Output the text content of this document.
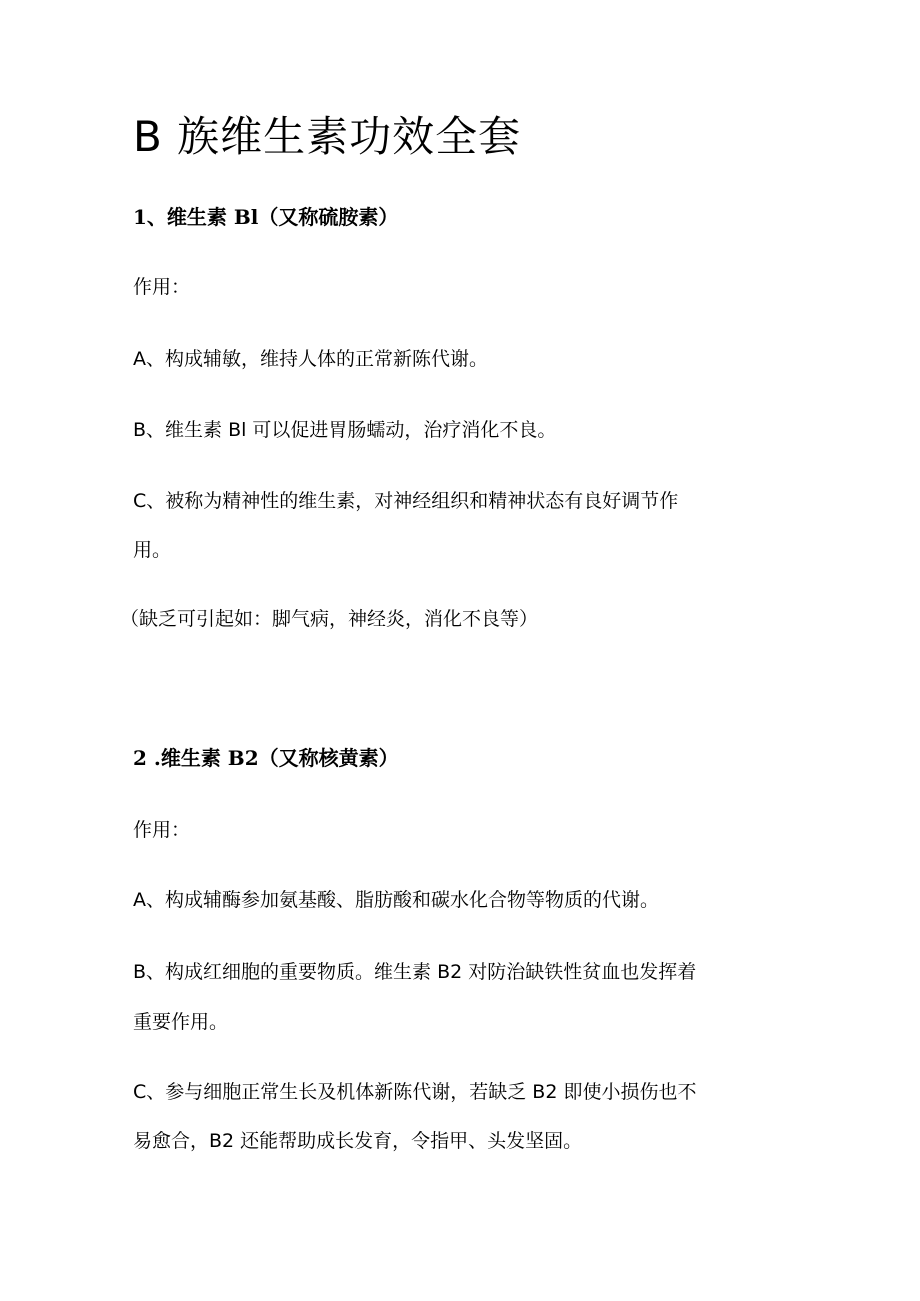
B 族维生素功效全套
1、维生素 Bl（又称硫胺素）
作用：
A、构成辅敏，维持人体的正常新陈代谢。
B、维生素 Bl 可以促进胃肠蠕动，治疗消化不良。
C、被称为精神性的维生素，对神经组织和精神状态有良好调节作
用。
（缺乏可引起如：脚气病，神经炎，消化不良等）
2 .维生素 B2（又称核黄素）
作用：
A、构成辅酶参加氨基酸、脂肪酸和碳水化合物等物质的代谢。
B、构成红细胞的重要物质。维生素 B2 对防治缺铁性贫血也发挥着
重要作用。
C、参与细胞正常生长及机体新陈代谢，若缺乏 B2 即使小损伤也不
易愈合，B2 还能帮助成长发育，令指甲、头发坚固。
